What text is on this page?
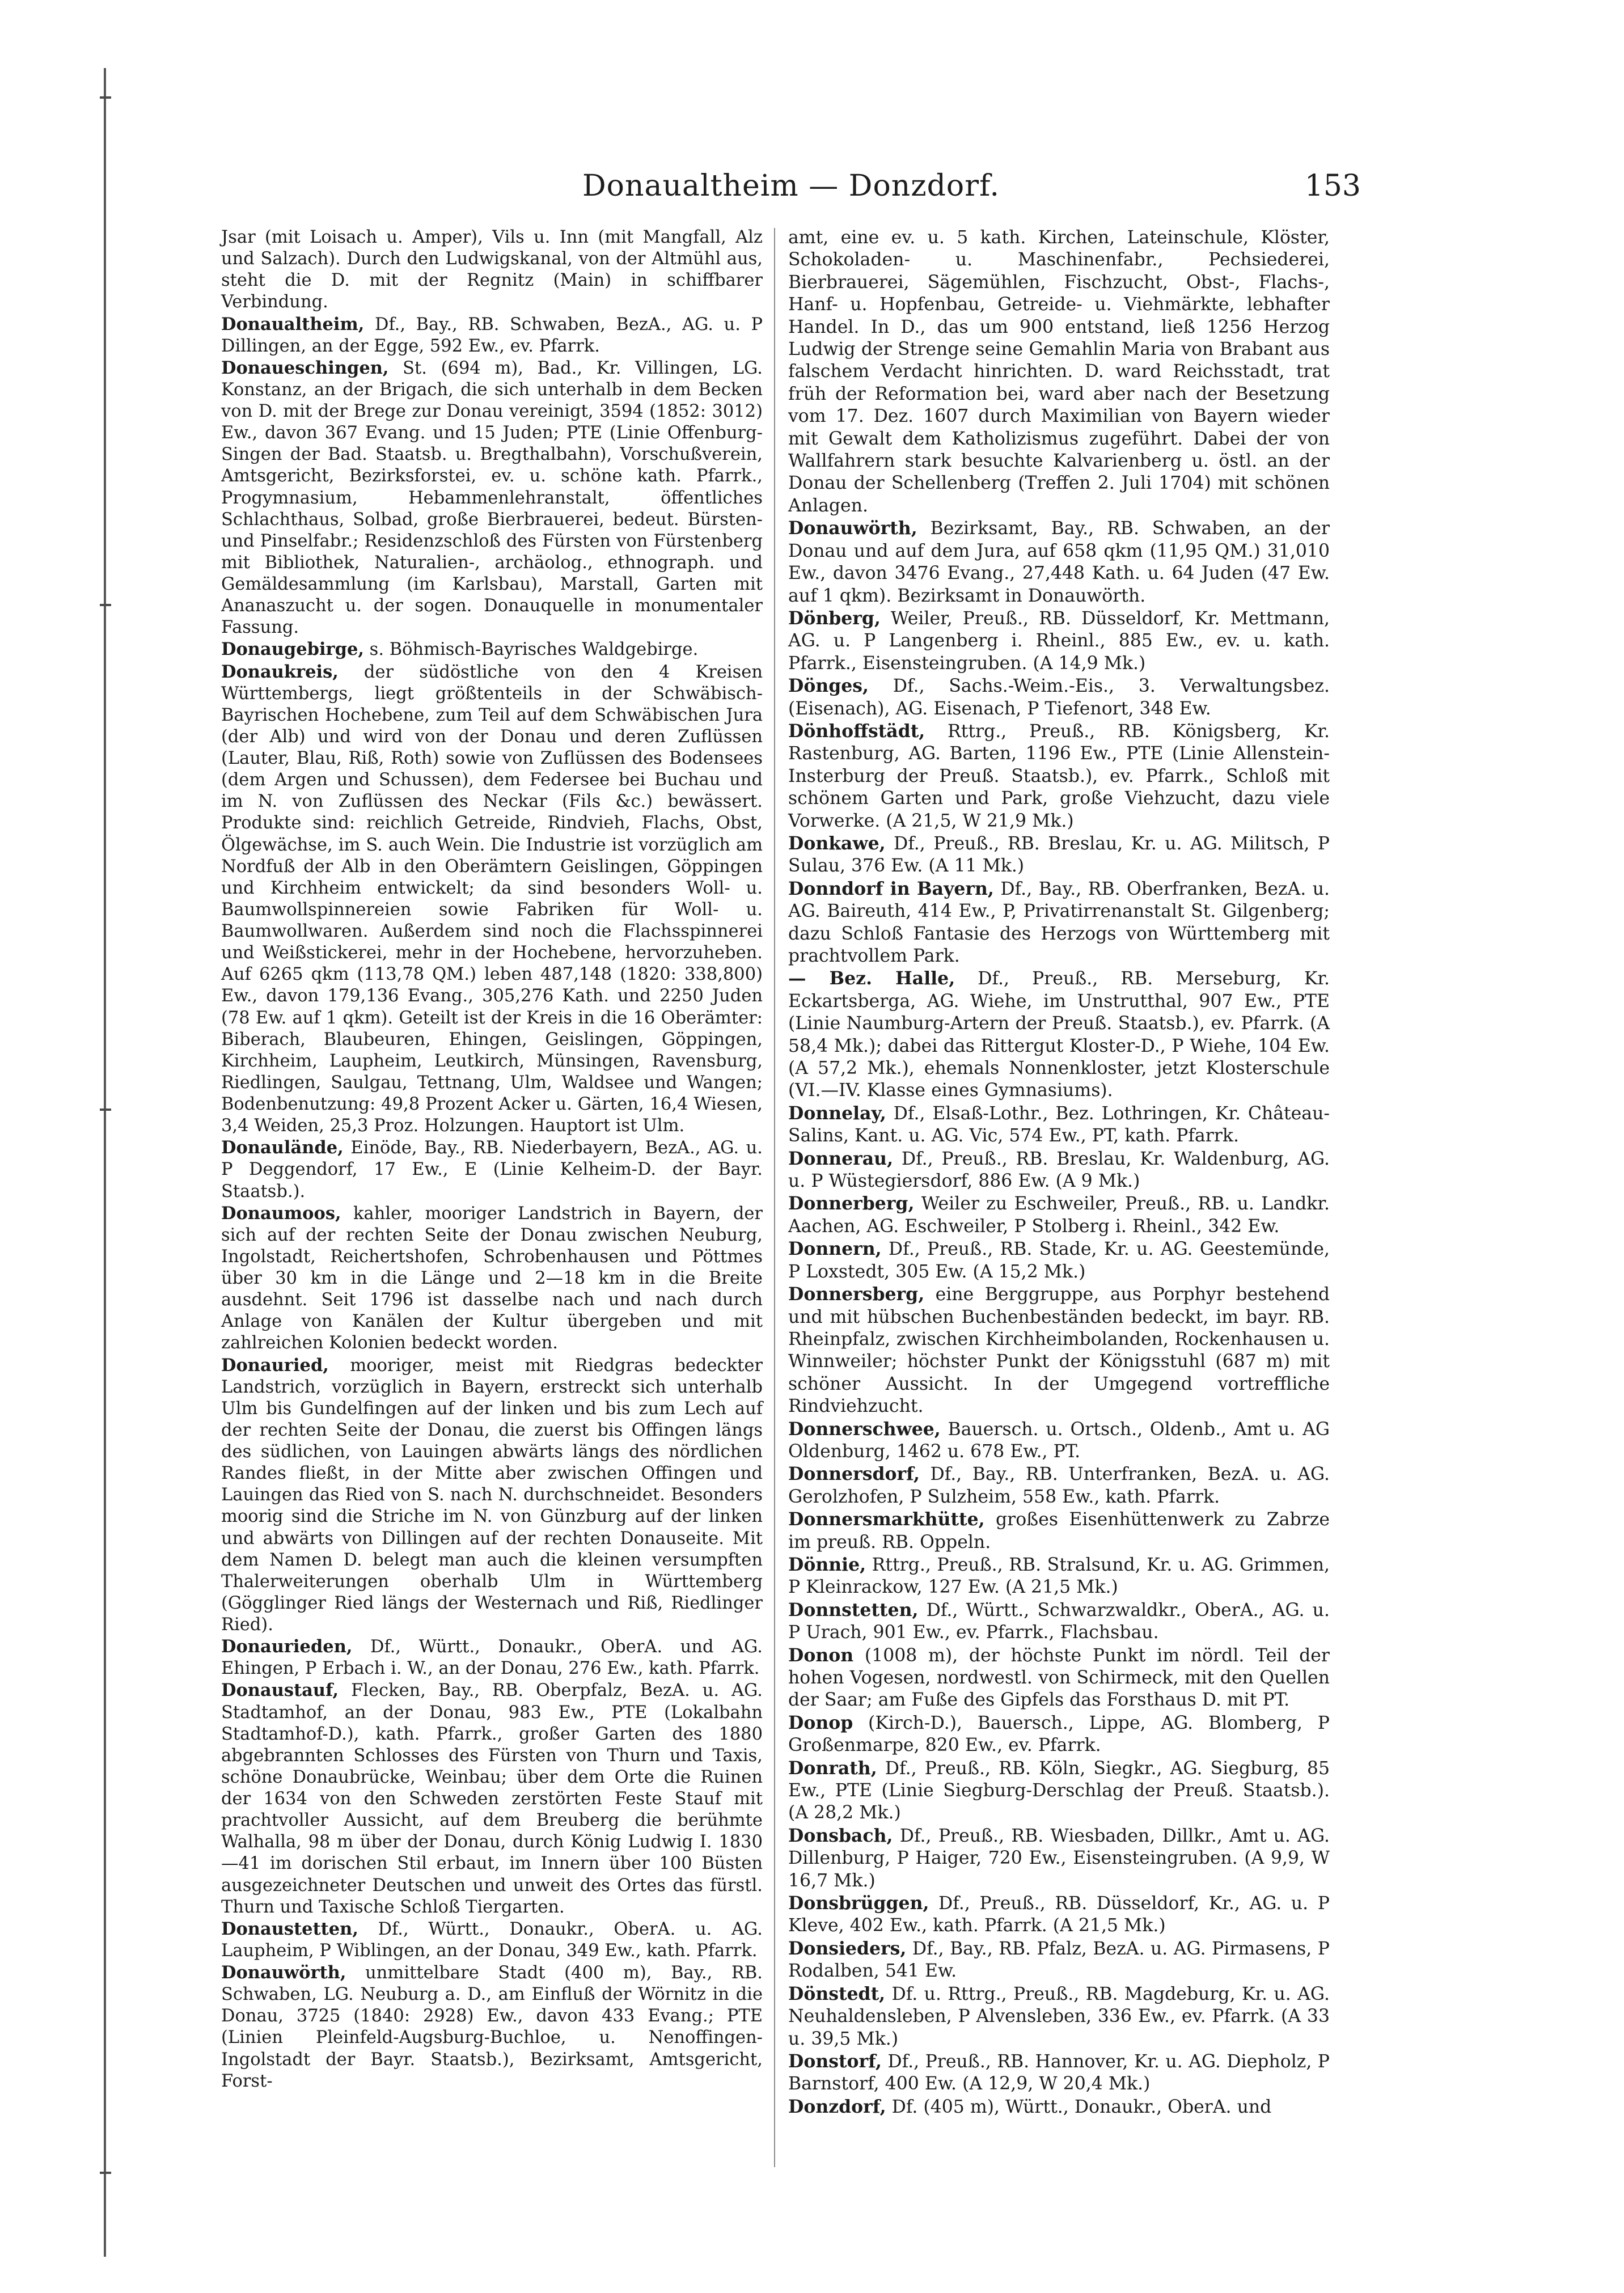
Donaualtheim — Donzdorf.	153

Jsar (mit Loisach u. Amper), Vils u. Inn (mit Mangfall, Alz und Salzach). Durch den Ludwigskanal, von der Altmühl aus, steht die D. mit der Regnitz (Main) in schiffbarer Verbindung.

Donaualtheim, Df., Bay., RB. Schwaben, BezA., AG. u. P Dillingen, an der Egge, 592 Ew., ev. Pfarrk.

Donaueschingen, St. (694 m), Bad., Kr. Villingen, LG. Konstanz, an der Brigach, die sich unterhalb in dem Becken von D. mit der Brege zur Donau vereinigt, 3594 (1852: 3012) Ew., davon 367 Evang. und 15 Juden; PTE (Linie Offenburg-Singen der Bad. Staatsb. u. Bregthalbahn), Vorschußverein, Amtsgericht, Bezirksforstei, ev. u. schöne kath. Pfarrk., Progymnasium, Hebammenlehranstalt, öffentliches Schlachthaus, Solbad, große Bierbrauerei, bedeut. Bürsten- und Pinselfabr.; Residenzschloß des Fürsten von Fürstenberg mit Bibliothek, Naturalien-, archäolog., ethnograph. und Gemäldesammlung (im Karlsbau), Marstall, Garten mit Ananaszucht u. der sogen. Donauquelle in monumentaler Fassung.

Donaugebirge, s. Böhmisch-Bayrisches Waldgebirge.

Donaukreis, der südöstliche von den 4 Kreisen Württembergs, liegt größtenteils in der Schwäbisch-Bayrischen Hochebene, zum Teil auf dem Schwäbischen Jura (der Alb) und wird von der Donau und deren Zuflüssen (Lauter, Blau, Riß, Roth) sowie von Zuflüssen des Bodensees (dem Argen und Schussen), dem Federsee bei Buchau und im N. von Zuflüssen des Neckar (Fils &c.) bewässert. Produkte sind: reichlich Getreide, Rindvieh, Flachs, Obst, Ölgewächse, im S. auch Wein. Die Industrie ist vorzüglich am Nordfuß der Alb in den Oberämtern Geislingen, Göppingen und Kirchheim entwickelt; da sind besonders Woll- u. Baumwollspinnereien sowie Fabriken für Woll- u. Baumwollwaren. Außerdem sind noch die Flachsspinnerei und Weißstickerei, mehr in der Hochebene, hervorzuheben. Auf 6265 qkm (113,78 QM.) leben 487,148 (1820: 338,800) Ew., davon 179,136 Evang., 305,276 Kath. und 2250 Juden (78 Ew. auf 1 qkm). Geteilt ist der Kreis in die 16 Oberämter: Biberach, Blaubeuren, Ehingen, Geislingen, Göppingen, Kirchheim, Laupheim, Leutkirch, Münsingen, Ravensburg, Riedlingen, Saulgau, Tettnang, Ulm, Waldsee und Wangen; Bodenbenutzung: 49,8 Prozent Acker u. Gärten, 16,4 Wiesen, 3,4 Weiden, 25,3 Proz. Holzungen. Hauptort ist Ulm.

Donaulände, Einöde, Bay., RB. Niederbayern, BezA., AG. u. P Deggendorf, 17 Ew., E (Linie Kelheim-D. der Bayr. Staatsb.).

Donaumoos, kahler, mooriger Landstrich in Bayern, der sich auf der rechten Seite der Donau zwischen Neuburg, Ingolstadt, Reichertshofen, Schrobenhausen und Pöttmes über 30 km in die Länge und 2—18 km in die Breite ausdehnt. Seit 1796 ist dasselbe nach und nach durch Anlage von Kanälen der Kultur übergeben und mit zahlreichen Kolonien bedeckt worden.

Donauried, mooriger, meist mit Riedgras bedeckter Landstrich, vorzüglich in Bayern, erstreckt sich unterhalb Ulm bis Gundelfingen auf der linken und bis zum Lech auf der rechten Seite der Donau, die zuerst bis Offingen längs des südlichen, von Lauingen abwärts längs des nördlichen Randes fließt, in der Mitte aber zwischen Offingen und Lauingen das Ried von S. nach N. durchschneidet. Besonders moorig sind die Striche im N. von Günzburg auf der linken und abwärts von Dillingen auf der rechten Donauseite. Mit dem Namen D. belegt man auch die kleinen versumpften Thalerweiterungen oberhalb Ulm in Württemberg (Gögglinger Ried längs der Westernach und Riß, Riedlinger Ried).

Donaurieden, Df., Württ., Donaukr., OberA. und AG. Ehingen, P Erbach i. W., an der Donau, 276 Ew., kath. Pfarrk.

Donaustauf, Flecken, Bay., RB. Oberpfalz, BezA. u. AG. Stadtamhof, an der Donau, 983 Ew., PTE (Lokalbahn Stadtamhof-D.), kath. Pfarrk., großer Garten des 1880 abgebrannten Schlosses des Fürsten von Thurn und Taxis, schöne Donaubrücke, Weinbau; über dem Orte die Ruinen der 1634 von den Schweden zerstörten Feste Stauf mit prachtvoller Aussicht, auf dem Breuberg die berühmte Walhalla, 98 m über der Donau, durch König Ludwig I. 1830—41 im dorischen Stil erbaut, im Innern über 100 Büsten ausgezeichneter Deutschen und unweit des Ortes das fürstl. Thurn und Taxische Schloß Tiergarten.

Donaustetten, Df., Württ., Donaukr., OberA. u. AG. Laupheim, P Wiblingen, an der Donau, 349 Ew., kath. Pfarrk.

Donauwörth, unmittelbare Stadt (400 m), Bay., RB. Schwaben, LG. Neuburg a. D., am Einfluß der Wörnitz in die Donau, 3725 (1840: 2928) Ew., davon 433 Evang.; PTE (Linien Pleinfeld-Augsburg-Buchloe, u. Nenoffingen-Ingolstadt der Bayr. Staatsb.), Bezirksamt, Amtsgericht, Forst-

amt, eine ev. u. 5 kath. Kirchen, Lateinschule, Klöster, Schokoladen- u. Maschinenfabr., Pechsiederei, Bierbrauerei, Sägemühlen, Fischzucht, Obst-, Flachs-, Hanf- u. Hopfenbau, Getreide- u. Viehmärkte, lebhafter Handel. In D., das um 900 entstand, ließ 1256 Herzog Ludwig der Strenge seine Gemahlin Maria von Brabant aus falschem Verdacht hinrichten. D. ward Reichsstadt, trat früh der Reformation bei, ward aber nach der Besetzung vom 17. Dez. 1607 durch Maximilian von Bayern wieder mit Gewalt dem Katholizismus zugeführt. Dabei der von Wallfahrern stark besuchte Kalvarienberg u. östl. an der Donau der Schellenberg (Treffen 2. Juli 1704) mit schönen Anlagen.

Donauwörth, Bezirksamt, Bay., RB. Schwaben, an der Donau und auf dem Jura, auf 658 qkm (11,95 QM.) 31,010 Ew., davon 3476 Evang., 27,448 Kath. u. 64 Juden (47 Ew. auf 1 qkm). Bezirksamt in Donauwörth.

Dönberg, Weiler, Preuß., RB. Düsseldorf, Kr. Mettmann, AG. u. P Langenberg i. Rheinl., 885 Ew., ev. u. kath. Pfarrk., Eisensteingruben. (A 14,9 Mk.)

Dönges, Df., Sachs.-Weim.-Eis., 3. Verwaltungsbez. (Eisenach), AG. Eisenach, P Tiefenort, 348 Ew.

Dönhoffstädt, Rttrg., Preuß., RB. Königsberg, Kr. Rastenburg, AG. Barten, 1196 Ew., PTE (Linie Allenstein-Insterburg der Preuß. Staatsb.), ev. Pfarrk., Schloß mit schönem Garten und Park, große Viehzucht, dazu viele Vorwerke. (A 21,5, W 21,9 Mk.)

Donkawe, Df., Preuß., RB. Breslau, Kr. u. AG. Militsch, P Sulau, 376 Ew. (A 11 Mk.)

Donndorf in Bayern, Df., Bay., RB. Oberfranken, BezA. u. AG. Baireuth, 414 Ew., P, Privatirrenanstalt St. Gilgenberg; dazu Schloß Fantasie des Herzogs von Württemberg mit prachtvollem Park.

— Bez. Halle, Df., Preuß., RB. Merseburg, Kr. Eckartsberga, AG. Wiehe, im Unstrutthal, 907 Ew., PTE (Linie Naumburg-Artern der Preuß. Staatsb.), ev. Pfarrk. (A 58,4 Mk.); dabei das Rittergut Kloster-D., P Wiehe, 104 Ew. (A 57,2 Mk.), ehemals Nonnenkloster, jetzt Klosterschule (VI.—IV. Klasse eines Gymnasiums).

Donnelay, Df., Elsaß-Lothr., Bez. Lothringen, Kr. Château-Salins, Kant. u. AG. Vic, 574 Ew., PT, kath. Pfarrk.

Donnerau, Df., Preuß., RB. Breslau, Kr. Waldenburg, AG. u. P Wüstegiersdorf, 886 Ew. (A 9 Mk.)

Donnerberg, Weiler zu Eschweiler, Preuß., RB. u. Landkr. Aachen, AG. Eschweiler, P Stolberg i. Rheinl., 342 Ew.

Donnern, Df., Preuß., RB. Stade, Kr. u. AG. Geestemünde, P Loxstedt, 305 Ew. (A 15,2 Mk.)

Donnersberg, eine Berggruppe, aus Porphyr bestehend und mit hübschen Buchenbeständen bedeckt, im bayr. RB. Rheinpfalz, zwischen Kirchheimbolanden, Rockenhausen u. Winnweiler; höchster Punkt der Königsstuhl (687 m) mit schöner Aussicht. In der Umgegend vortreffliche Rindviehzucht.

Donnerschwee, Bauersch. u. Ortsch., Oldenb., Amt u. AG Oldenburg, 1462 u. 678 Ew., PT.

Donnersdorf, Df., Bay., RB. Unterfranken, BezA. u. AG. Gerolzhofen, P Sulzheim, 558 Ew., kath. Pfarrk.

Donnersmarkhütte, großes Eisenhüttenwerk zu Zabrze im preuß. RB. Oppeln.

Dönnie, Rttrg., Preuß., RB. Stralsund, Kr. u. AG. Grimmen, P Kleinrackow, 127 Ew. (A 21,5 Mk.)

Donnstetten, Df., Württ., Schwarzwaldkr., OberA., AG. u. P Urach, 901 Ew., ev. Pfarrk., Flachsbau.

Donon (1008 m), der höchste Punkt im nördl. Teil der hohen Vogesen, nordwestl. von Schirmeck, mit den Quellen der Saar; am Fuße des Gipfels das Forsthaus D. mit PT.

Donop (Kirch-D.), Bauersch., Lippe, AG. Blomberg, P Großenmarpe, 820 Ew., ev. Pfarrk.

Donrath, Df., Preuß., RB. Köln, Siegkr., AG. Siegburg, 85 Ew., PTE (Linie Siegburg-Derschlag der Preuß. Staatsb.). (A 28,2 Mk.)

Donsbach, Df., Preuß., RB. Wiesbaden, Dillkr., Amt u. AG. Dillenburg, P Haiger, 720 Ew., Eisensteingruben. (A 9,9, W 16,7 Mk.)

Donsbrüggen, Df., Preuß., RB. Düsseldorf, Kr., AG. u. P Kleve, 402 Ew., kath. Pfarrk. (A 21,5 Mk.)

Donsieders, Df., Bay., RB. Pfalz, BezA. u. AG. Pirmasens, P Rodalben, 541 Ew.

Dönstedt, Df. u. Rttrg., Preuß., RB. Magdeburg, Kr. u. AG. Neuhaldensleben, P Alvensleben, 336 Ew., ev. Pfarrk. (A 33 u. 39,5 Mk.)

Donstorf, Df., Preuß., RB. Hannover, Kr. u. AG. Diepholz, P Barnstorf, 400 Ew. (A 12,9, W 20,4 Mk.)

Donzdorf, Df. (405 m), Württ., Donaukr., OberA. und
